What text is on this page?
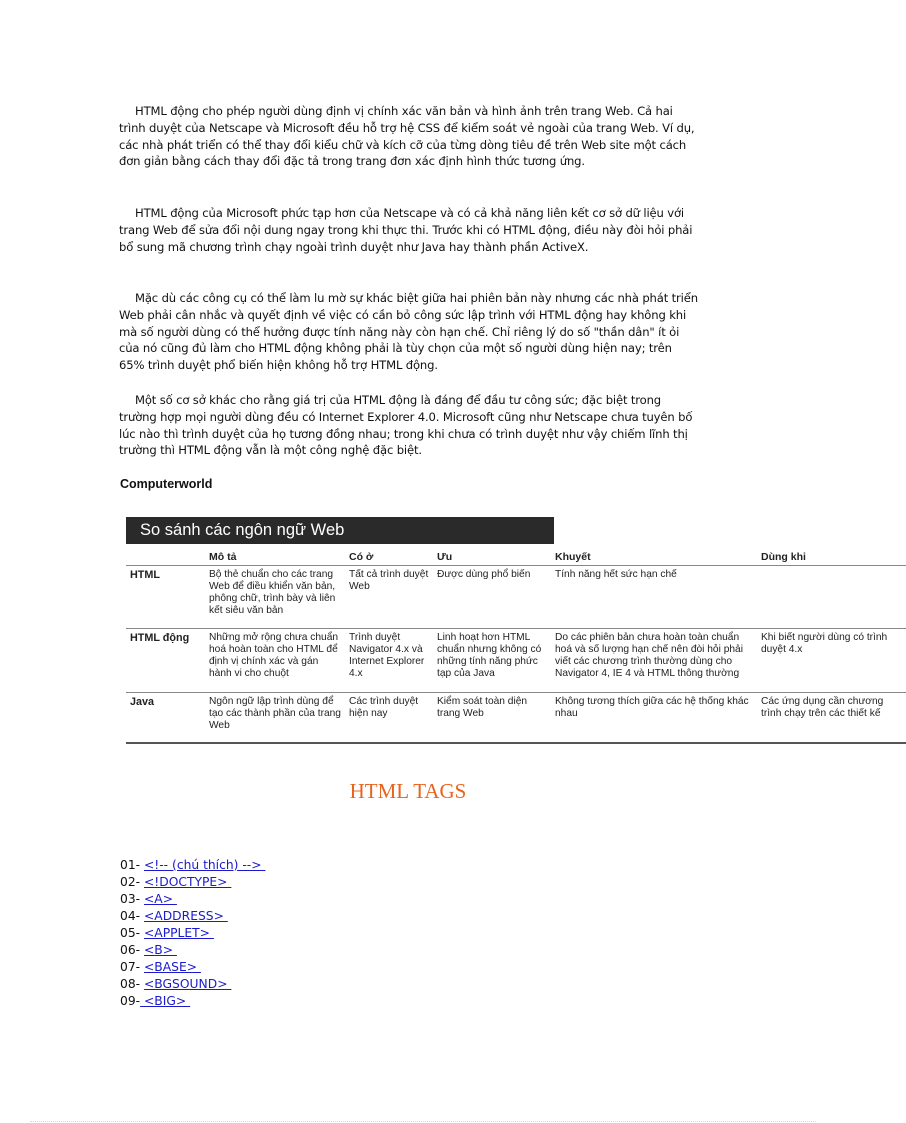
HTML động cho phép người dùng định vị chính xác văn bản và hình ảnh trên trang Web. Cả hai trình duyệt của Netscape và Microsoft đều hỗ trợ hệ CSS để kiểm soát vẻ ngoài của trang Web. Ví dụ, các nhà phát triển có thể thay đổi kiểu chữ và kích cỡ của từng dòng tiêu đề trên Web site một cách đơn giản bằng cách thay đổi đặc tả trong trang đơn xác định hình thức tương ứng.

HTML động của Microsoft phức tạp hơn của Netscape và có cả khả năng liên kết cơ sở dữ liệu với trang Web để sửa đổi nội dung ngay trong khi thực thi. Trước khi có HTML động, điều này đòi hỏi phải bổ sung mã chương trình chạy ngoài trình duyệt như Java hay thành phần ActiveX.

Mặc dù các công cụ có thể làm lu mờ sự khác biệt giữa hai phiên bản này nhưng các nhà phát triển Web phải cân nhắc và quyết định về việc có cần bỏ công sức lập trình với HTML động hay không khi mà số người dùng có thể hưởng được tính năng này còn hạn chế. Chỉ riêng lý do số "thần dân" ít ỏi của nó cũng đủ làm cho HTML động không phải là tùy chọn của một số người dùng hiện nay; trên 65% trình duyệt phổ biến hiện không hỗ trợ HTML động.

Một số cơ sở khác cho rằng giá trị của HTML động là đáng để đầu tư công sức; đặc biệt trong trường hợp mọi người dùng đều có Internet Explorer 4.0. Microsoft cũng như Netscape chưa tuyên bố lúc nào thì trình duyệt của họ tương đồng nhau; trong khi chưa có trình duyệt như vậy chiếm lĩnh thị trường thì HTML động vẫn là một công nghệ đặc biệt.

Computerworld
So sánh các ngôn ngữ Web
	Mô tả	Có ở	Ưu	Khuyết	Dùng khi
HTML	Bộ thẻ chuẩn cho các trang Web để điều khiển văn bản, phông chữ, trình bày và liên kết siêu văn bản	Tất cả trình duyệt Web	Được dùng phổ biến	Tính năng hết sức hạn chế	
HTML động	Những mở rộng chưa chuẩn hoá hoàn toàn cho HTML để định vị chính xác và gán hành vi cho chuột	Trình duyệt Navigator 4.x và Internet Explorer 4.x	Linh hoạt hơn HTML chuẩn nhưng không có những tính năng phức tạp của Java	Do các phiên bản chưa hoàn toàn chuẩn hoá và số lượng hạn chế nên đòi hỏi phải viết các chương trình thường dùng cho Navigator 4, IE 4 và HTML thông thường	Khi biết người dùng có trình duyệt 4.x
Java	Ngôn ngữ lập trình dùng để tạo các thành phần của trang Web	Các trình duyệt hiện nay	Kiểm soát toàn diện trang Web	Không tương thích giữa các hệ thống khác nhau	Các ứng dụng cần chương trình chạy trên các thiết kế
HTML TAGS
01- <!-- (chú thích) -->
02- <!DOCTYPE>
03- <A>
04- <ADDRESS>
05- <APPLET>
06- <B>
07- <BASE>
08- <BGSOUND>
09- <BIG>
